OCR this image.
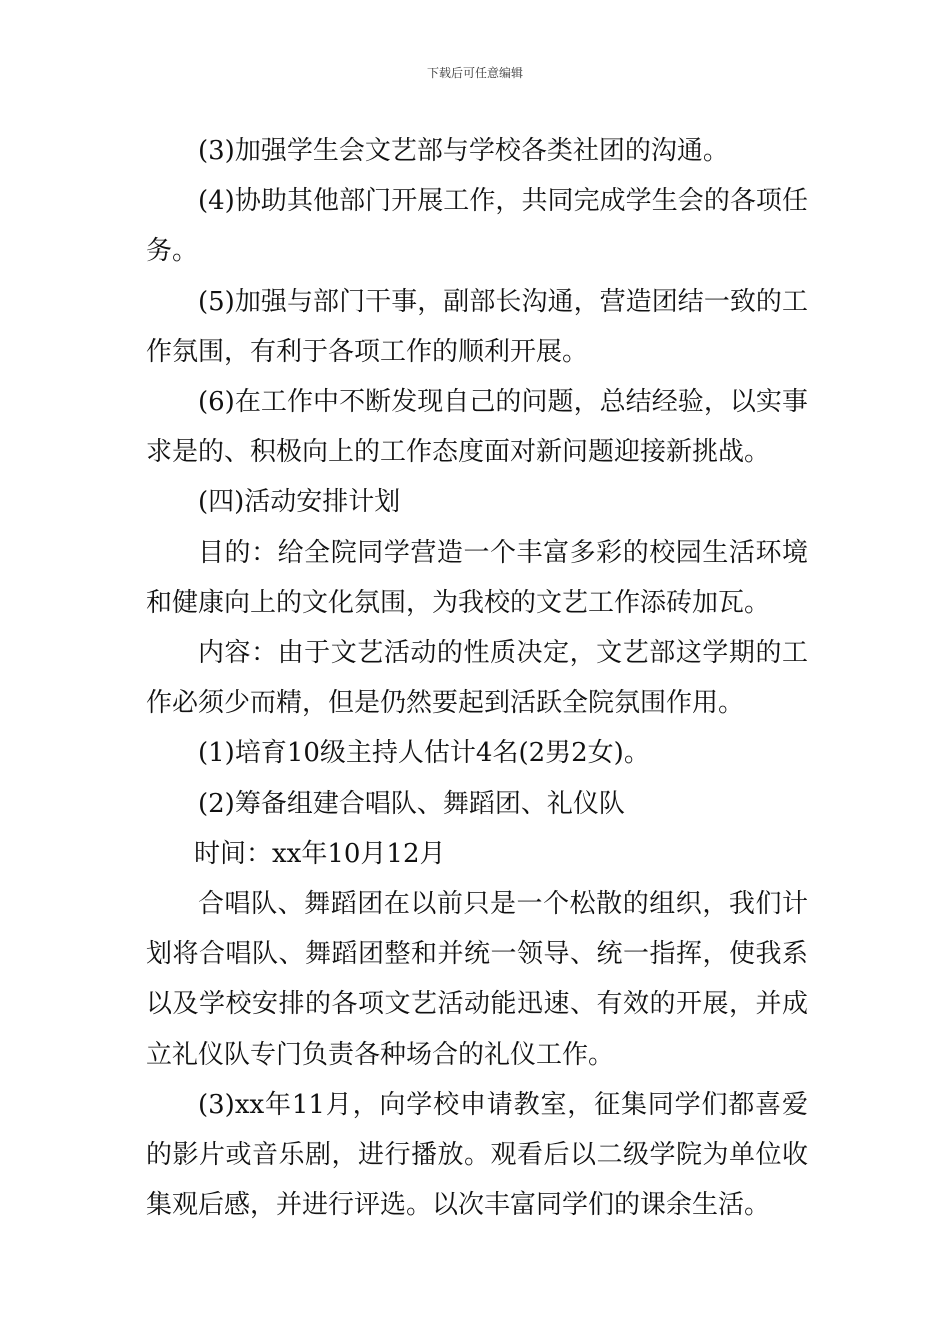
下载后可任意编辑

(3)加强学生会文艺部与学校各类社团的沟通。

(4)协助其他部门开展工作，共同完成学生会的各项任务。

(5)加强与部门干事，副部长沟通，营造团结一致的工作氛围，有利于各项工作的顺利开展。

(6)在工作中不断发现自己的问题，总结经验，以实事求是的、积极向上的工作态度面对新问题迎接新挑战。

(四)活动安排计划

目的：给全院同学营造一个丰富多彩的校园生活环境和健康向上的文化氛围，为我校的文艺工作添砖加瓦。

内容：由于文艺活动的性质决定，文艺部这学期的工作必须少而精，但是仍然要起到活跃全院氛围作用。

(1)培育10级主持人估计4名(2男2女)。

(2)筹备组建合唱队、舞蹈团、礼仪队

时间：xx年10月12月

合唱队、舞蹈团在以前只是一个松散的组织，我们计划将合唱队、舞蹈团整和并统一领导、统一指挥，使我系以及学校安排的各项文艺活动能迅速、有效的开展，并成立礼仪队专门负责各种场合的礼仪工作。

(3)xx年11月，向学校申请教室，征集同学们都喜爱的影片或音乐剧，进行播放。观看后以二级学院为单位收集观后感，并进行评选。以次丰富同学们的课余生活。
